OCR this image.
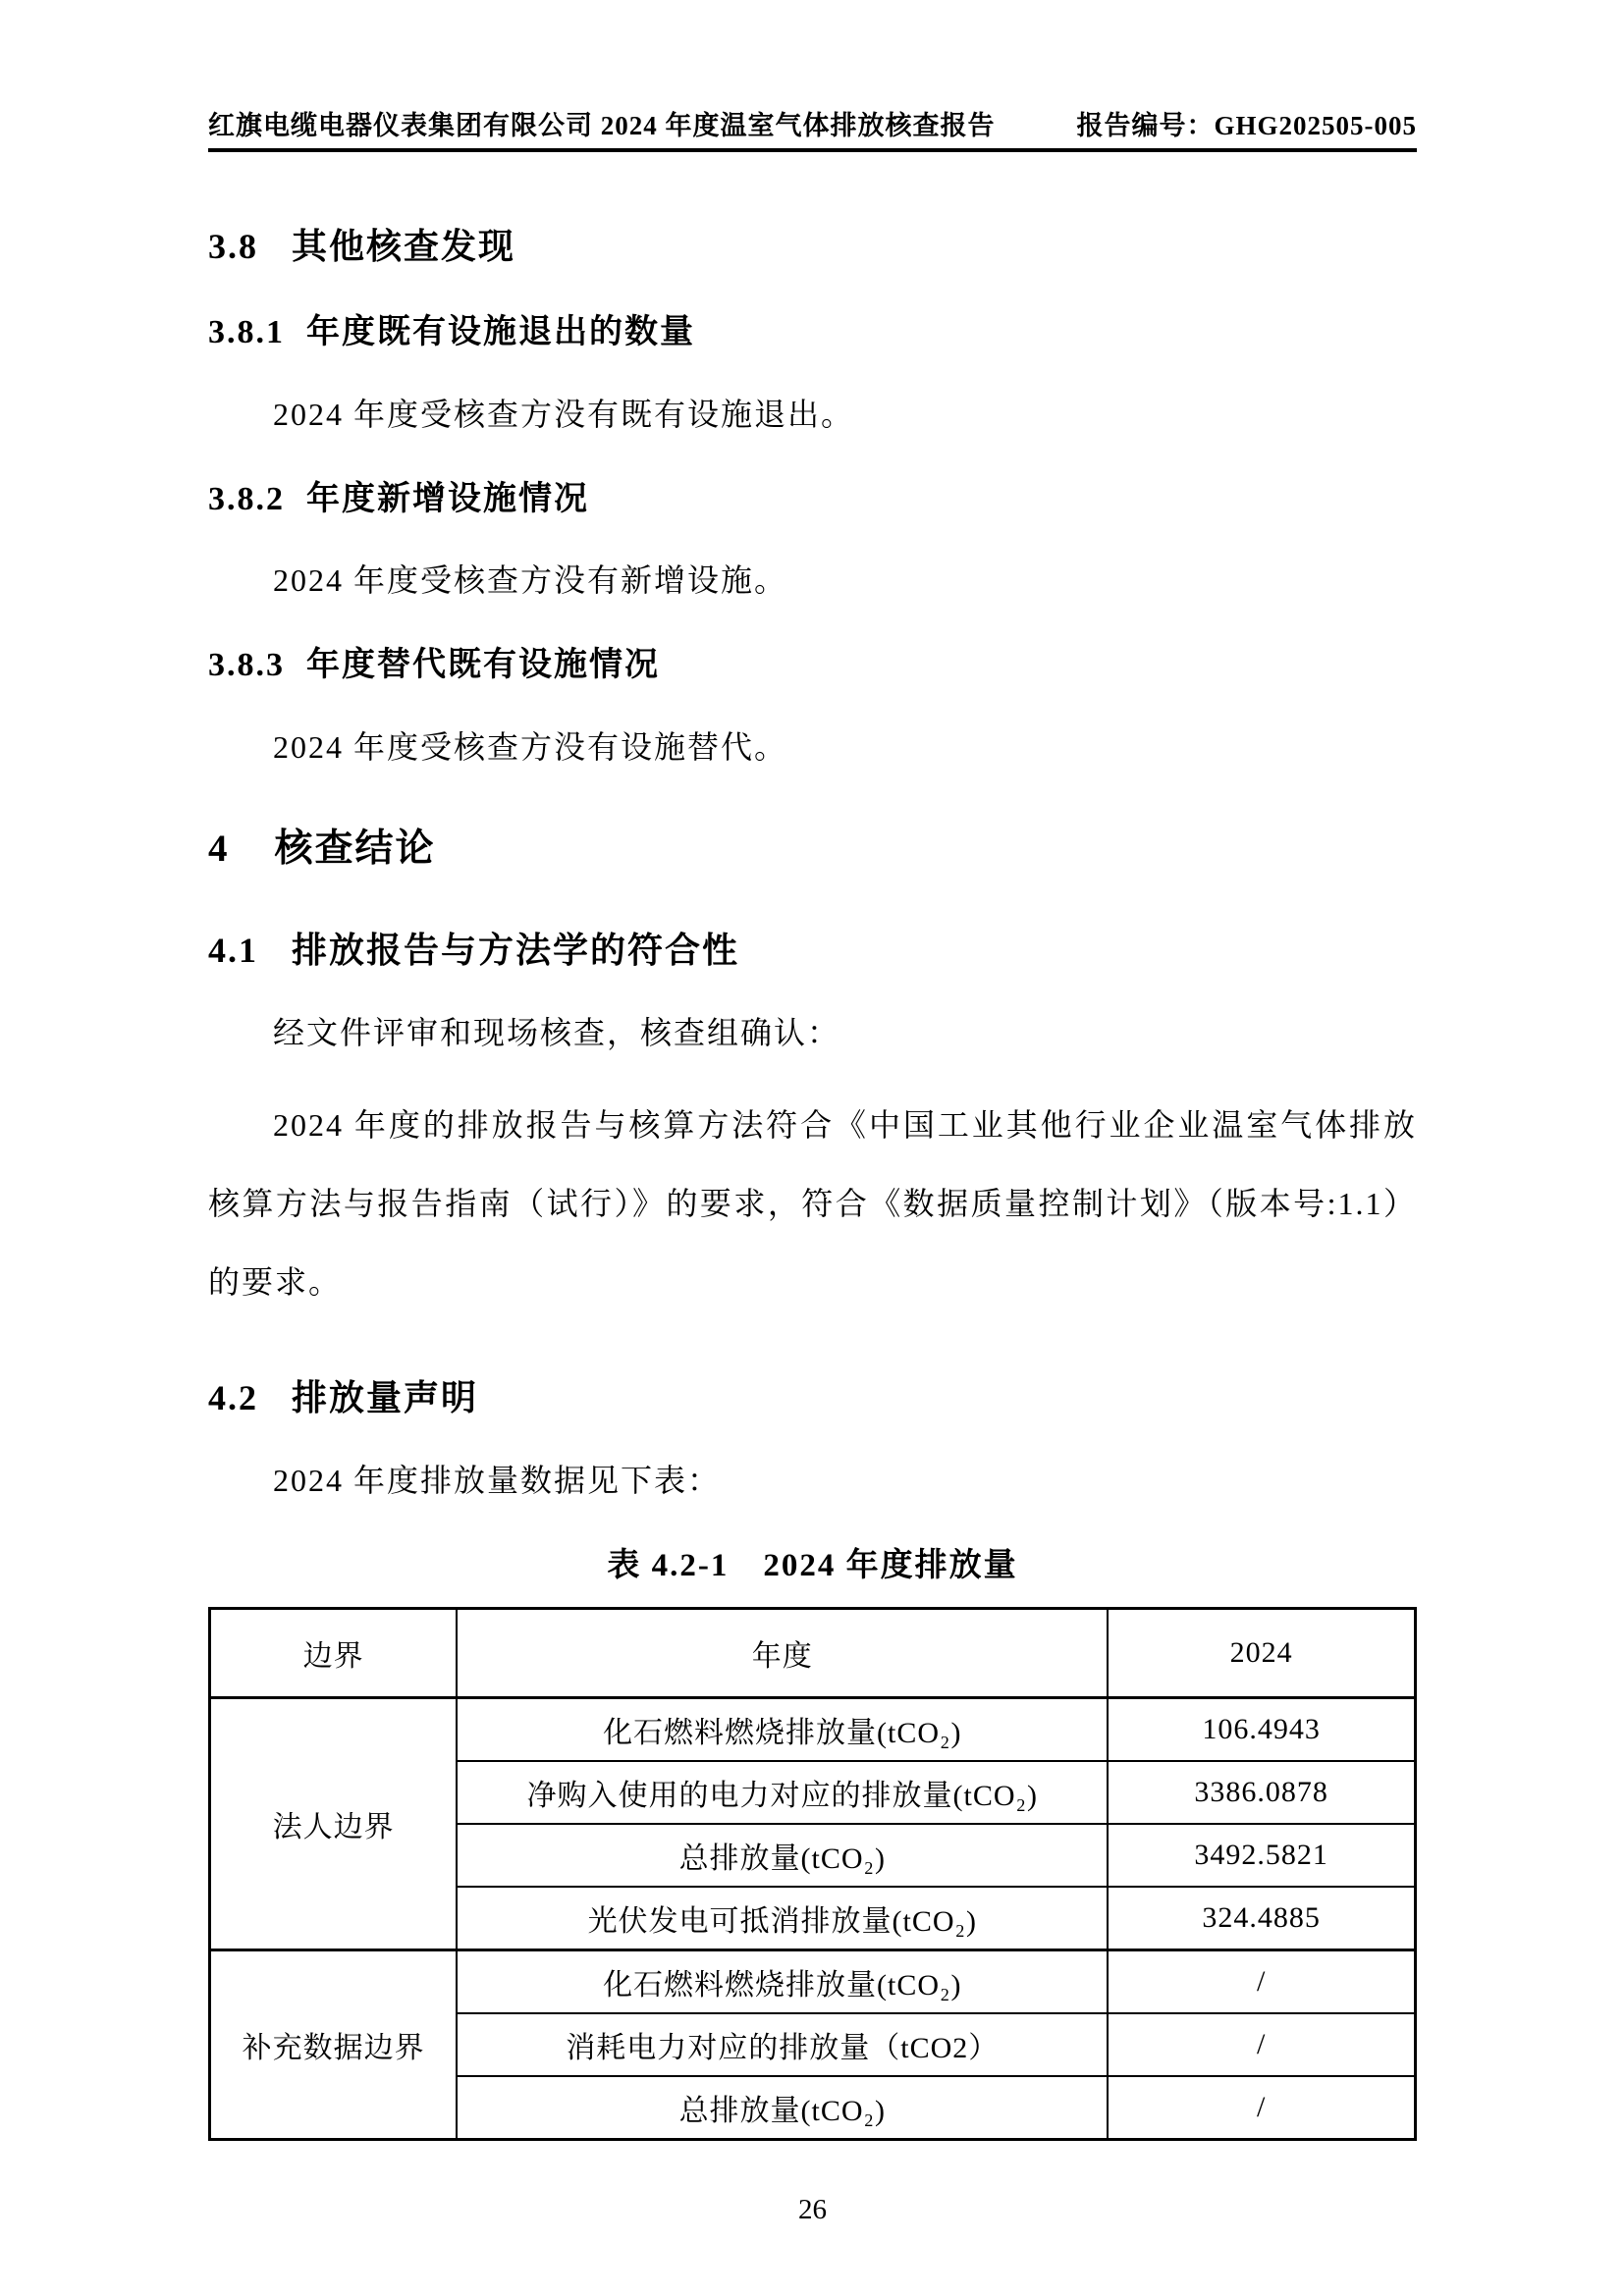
红旗电缆电器仪表集团有限公司 2024 年度温室气体排放核查报告	报告编号：GHG202505-005
3.8 其他核查发现
3.8.1 年度既有设施退出的数量

2024 年度受核查方没有既有设施退出。

3.8.2 年度新增设施情况

2024 年度受核查方没有新增设施。

3.8.3 年度替代既有设施情况

2024 年度受核查方没有设施替代。

4 核查结论
4.1 排放报告与方法学的符合性

经文件评审和现场核查，核查组确认：

2024 年度的排放报告与核算方法符合《中国工业其他行业企业温室气体排放核算方法与报告指南（试行）》的要求，符合《数据质量控制计划》（版本号:1.1）的要求。

4.2 排放量声明

2024 年度排放量数据见下表：

表 4.2-1　2024 年度排放量
边界	年度	2024
法人边界	化石燃料燃烧排放量(tCO₂)	106.4943
	净购入使用的电力对应的排放量(tCO₂)	3386.0878
	总排放量(tCO₂)	3492.5821
	光伏发电可抵消排放量(tCO₂)	324.4885
补充数据边界	化石燃料燃烧排放量(tCO₂)	/
	消耗电力对应的排放量（tCO2）	/
	总排放量(tCO₂)	/
26
